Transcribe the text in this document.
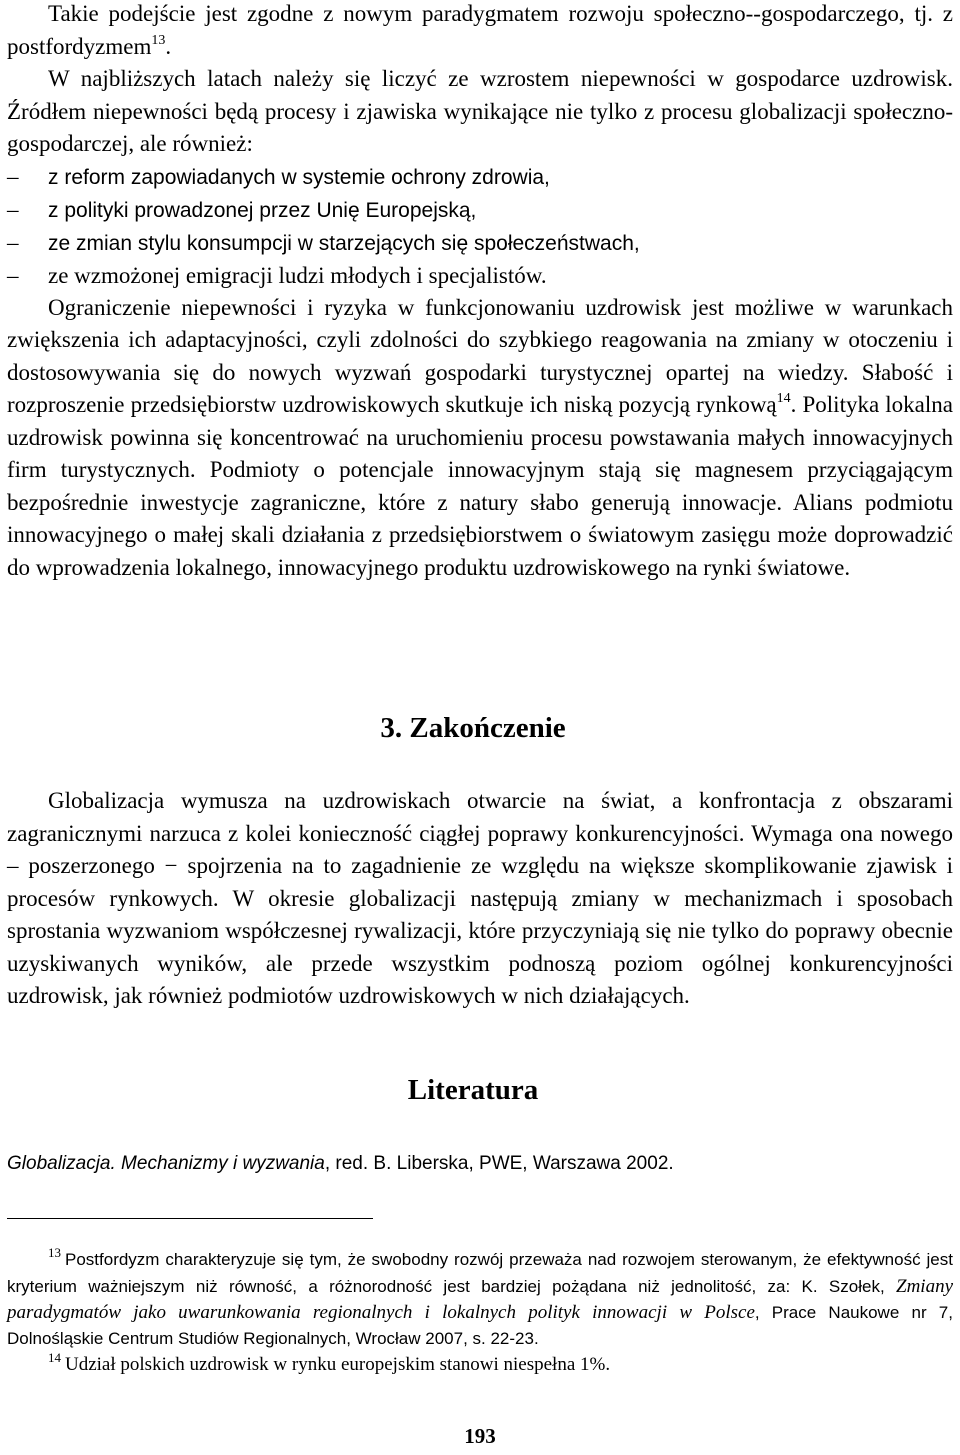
Takie podejście jest zgodne z nowym paradygmatem rozwoju społeczno--gospodarczego, tj. z postfordyzmem$^{13}$.

W najbliższych latach należy się liczyć ze wzrostem niepewności w gospodarce uzdrowisk. Źródłem niepewności będą procesy i zjawiska wynikające nie tylko z procesu globalizacji społeczno-gospodarczej, ale również:

– z reform zapowiadanych w systemie ochrony zdrowia,
– z polityki prowadzonej przez Unię Europejską,
– ze zmian stylu konsumpcji w starzejących się społeczeństwach,
– ze wzmożonej emigracji ludzi młodych i specjalistów.

Ograniczenie niepewności i ryzyka w funkcjonowaniu uzdrowisk jest możliwe w warunkach zwiększenia ich adaptacyjności, czyli zdolności do szybkiego reagowania na zmiany w otoczeniu i dostosowywania się do nowych wyzwań gospodarki turystycznej opartej na wiedzy. Słabość i rozproszenie przedsiębiorstw uzdrowiskowych skutkuje ich niską pozycją rynkową$^{14}$. Polityka lokalna uzdrowisk powinna się koncentrować na uruchomieniu procesu powstawania małych innowacyjnych firm turystycznych. Podmioty o potencjale innowacyjnym stają się magnesem przyciągającym bezpośrednie inwestycje zagraniczne, które z natury słabo generują innowacje. Alians podmiotu innowacyjnego o małej skali działania z przedsiębiorstwem o światowym zasięgu może doprowadzić do wprowadzenia lokalnego, innowacyjnego produktu uzdrowiskowego na rynki światowe.

3. Zakończenie

Globalizacja wymusza na uzdrowiskach otwarcie na świat, a konfrontacja z obszarami zagranicznymi narzuca z kolei konieczność ciągłej poprawy konkurencyjności. Wymaga ona nowego – poszerzonego − spojrzenia na to zagadnienie ze względu na większe skomplikowanie zjawisk i procesów rynkowych. W okresie globalizacji następują zmiany w mechanizmach i sposobach sprostania wyzwaniom współczesnej rywalizacji, które przyczyniają się nie tylko do poprawy obecnie uzyskiwanych wyników, ale przede wszystkim podnoszą poziom ogólnej konkurencyjności uzdrowisk, jak również podmiotów uzdrowiskowych w nich działających.

Literatura
Globalizacja. Mechanizmy i wyzwania, red. B. Liberska, PWE, Warszawa 2002.

$^{13}$ Postfordyzm charakteryzuje się tym, że swobodny rozwój przeważa nad rozwojem sterowanym, że efektywność jest kryterium ważniejszym niż równość, a różnorodność jest bardziej pożądana niż jednolitość, za: K. Szołek, Zmiany paradygmatów jako uwarunkowania regionalnych i lokalnych polityk innowacji w Polsce, Prace Naukowe nr 7, Dolnośląskie Centrum Studiów Regionalnych, Wrocław 2007, s. 22-23.

$^{14}$ Udział polskich uzdrowisk w rynku europejskim stanowi niespełna 1%.

193
